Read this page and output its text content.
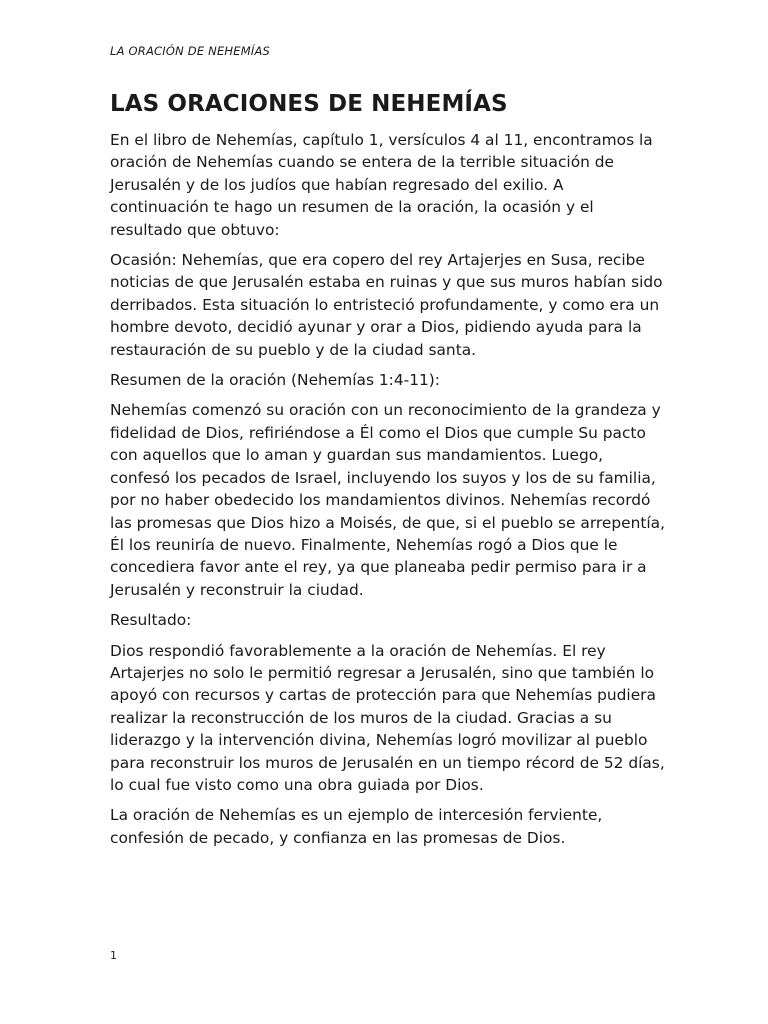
LA ORACIÓN DE NEHEMÍAS
LAS ORACIONES DE NEHEMÍAS

En el libro de Nehemías, capítulo 1, versículos 4 al 11, encontramos la oración de Nehemías cuando se entera de la terrible situación de Jerusalén y de los judíos que habían regresado del exilio. A continuación te hago un resumen de la oración, la ocasión y el resultado que obtuvo:

Ocasión: Nehemías, que era copero del rey Artajerjes en Susa, recibe noticias de que Jerusalén estaba en ruinas y que sus muros habían sido derribados. Esta situación lo entristeció profundamente, y como era un hombre devoto, decidió ayunar y orar a Dios, pidiendo ayuda para la restauración de su pueblo y de la ciudad santa.

Resumen de la oración (Nehemías 1:4-11):

Nehemías comenzó su oración con un reconocimiento de la grandeza y fidelidad de Dios, refiriéndose a Él como el Dios que cumple Su pacto con aquellos que lo aman y guardan sus mandamientos. Luego, confesó los pecados de Israel, incluyendo los suyos y los de su familia, por no haber obedecido los mandamientos divinos. Nehemías recordó las promesas que Dios hizo a Moisés, de que, si el pueblo se arrepentía, Él los reuniría de nuevo. Finalmente, Nehemías rogó a Dios que le concediera favor ante el rey, ya que planeaba pedir permiso para ir a Jerusalén y reconstruir la ciudad.

Resultado:

Dios respondió favorablemente a la oración de Nehemías. El rey Artajerjes no solo le permitió regresar a Jerusalén, sino que también lo apoyó con recursos y cartas de protección para que Nehemías pudiera realizar la reconstrucción de los muros de la ciudad. Gracias a su liderazgo y la intervención divina, Nehemías logró movilizar al pueblo para reconstruir los muros de Jerusalén en un tiempo récord de 52 días, lo cual fue visto como una obra guiada por Dios.

La oración de Nehemías es un ejemplo de intercesión ferviente, confesión de pecado, y confianza en las promesas de Dios.

1
